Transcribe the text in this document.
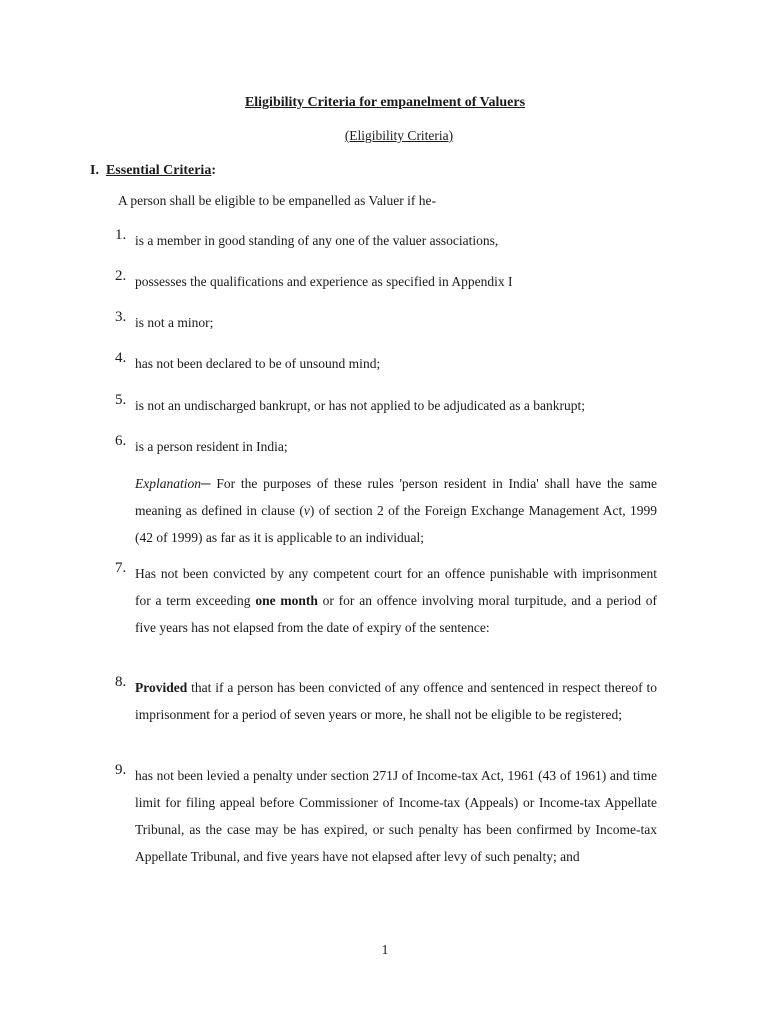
Eligibility Criteria for empanelment of Valuers
(Eligibility Criteria)
I. Essential Criteria:
A person shall be eligible to be empanelled as Valuer if he-
1. is a member in good standing of any one of the valuer associations,
2. possesses the qualifications and experience as specified in Appendix I
3. is not a minor;
4. has not been declared to be of unsound mind;
5. is not an undischarged bankrupt, or has not applied to be adjudicated as a bankrupt;
6. is a person resident in India;
Explanation─ For the purposes of these rules 'person resident in India' shall have the same meaning as defined in clause (v) of section 2 of the Foreign Exchange Management Act, 1999 (42 of 1999) as far as it is applicable to an individual;
7. Has not been convicted by any competent court for an offence punishable with imprisonment for a term exceeding one month or for an offence involving moral turpitude, and a period of five years has not elapsed from the date of expiry of the sentence:
8. Provided that if a person has been convicted of any offence and sentenced in respect thereof to imprisonment for a period of seven years or more, he shall not be eligible to be registered;
9. has not been levied a penalty under section 271J of Income-tax Act, 1961 (43 of 1961) and time limit for filing appeal before Commissioner of Income-tax (Appeals) or Income-tax Appellate Tribunal, as the case may be has expired, or such penalty has been confirmed by Income-tax Appellate Tribunal, and five years have not elapsed after levy of such penalty; and
1
